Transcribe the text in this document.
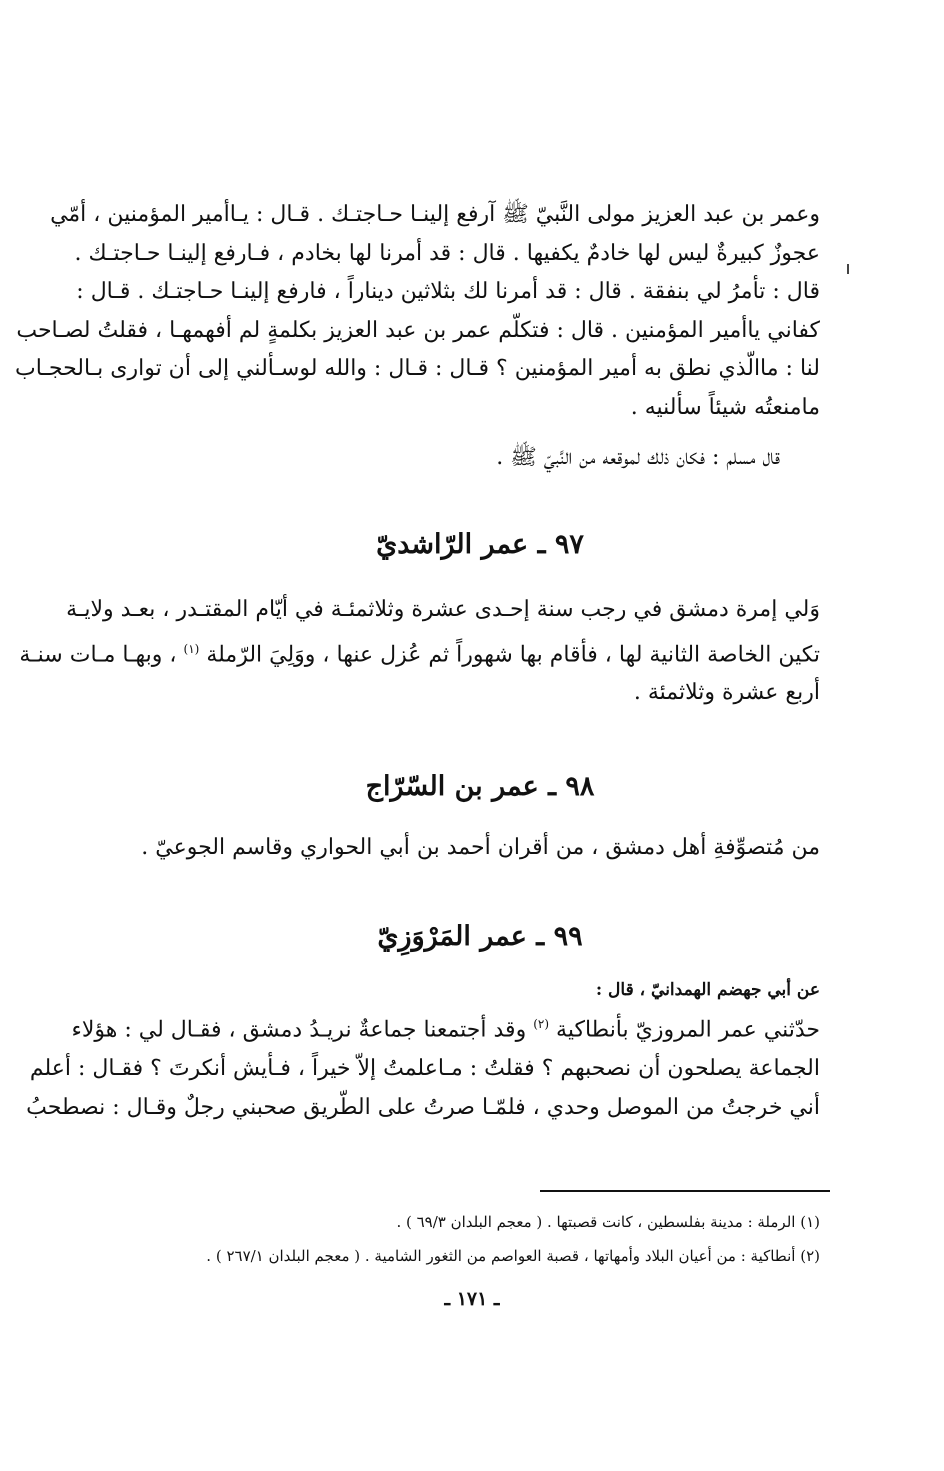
وعمر بن عبد العزيز مولى النَّبيّ ﷺ آرفع إلينـا حـاجتـك . قـال : يـاأمير المؤمنين ، أمّي
عجوزٌ كبيرةٌ ليس لها خادمٌ يكفيها . قال : قد أمرنا لها بخادم ، فـارفع إلينـا حـاجتـك .
قال : تأمرُ لي بنفقة . قال : قد أمرنا لك بثلاثين ديناراً ، فارفع إلينـا حـاجتـك . قـال :
كفاني ياأمير المؤمنين . قال : فتكلّم عمر بن عبد العزيز بكلمةٍ لم أفهمهـا ، فقلتُ لصـاحب
لنا : ماالّذي نطق به أمير المؤمنين ؟ قـال : قـال : والله لوسـألني إلى أن توارى بـالحجـاب
مامنعتُه شيئاً سألنيه .

قال مسلم : فكان ذلك لموقعه من النَّبيّ ﷺ .

٩٧ ـ عمر الرّاشديّ

وَلي إمرة دمشق في رجب سنة إحـدى عشرة وثلاثمئـة في أيّام المقتـدر ، بعـد ولايـة
تكين الخاصة الثانية لها ، فأقام بها شهوراً ثم عُزل عنها ، ووَلِيَ الرّملة $^{(١)}$ ، وبهـا مـات سنـة
أربع عشرة وثلاثمئة .

٩٨ ـ عمر بن السّرّاج

من مُتصوِّفةِ أهل دمشق ، من أقران أحمد بن أبي الحواري وقاسم الجوعيّ .

٩٩ ـ عمر المَرْوَزِيّ

عن أبي جهضم الهمدانيّ ، قال :

حدّثني عمر المروزيّ بأنطاكية $^{(٢)}$ وقد أجتمعنا جماعةٌ نريـدُ دمشق ، فقـال لي : هؤلاء
الجماعة يصلحون أن نصحبهم ؟ فقلتُ : مـاعلمتُ إلاّ خيراً ، فـأيش أنكرتَ ؟ فقـال : أعلم
أني خرجتُ من الموصل وحدي ، فلمّـا صرتُ على الطّريق صحبني رجلٌ وقـال : نصطحبُ

(١) الرملة : مدينة بفلسطين ، كانت قصبتها . ( معجم البلدان ٦٩/٣ ) .
(٢) أنطاكية : من أعيان البلاد وأمهاتها ، قصبة العواصم من الثغور الشامية . ( معجم البلدان ٢٦٧/١ ) .
ـ ١٧١ ـ
